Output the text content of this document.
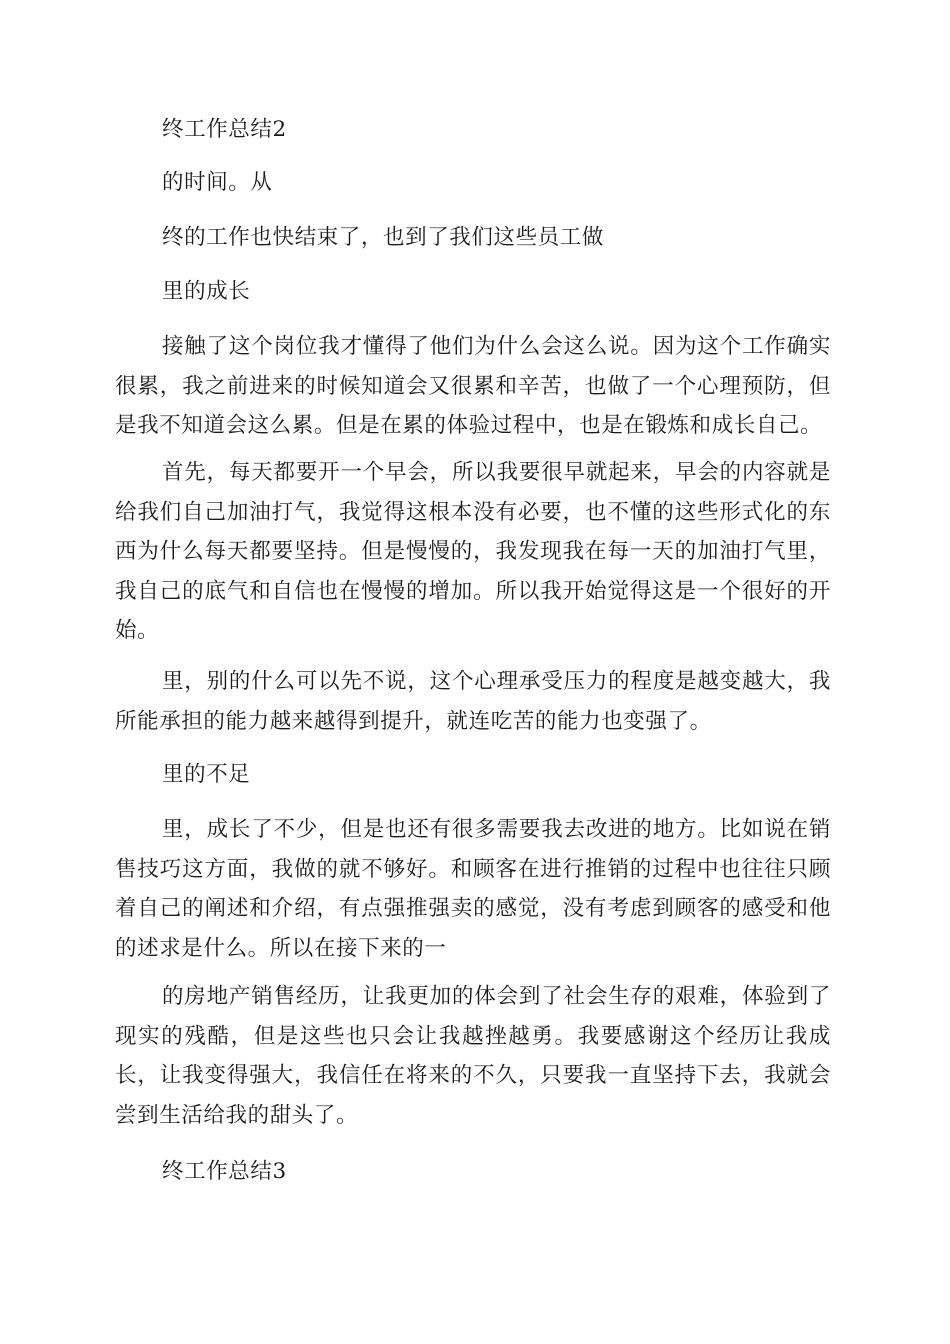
终工作总结2

的时间。从

终的工作也快结束了，也到了我们这些员工做

里的成长

接触了这个岗位我才懂得了他们为什么会这么说。因为这个工作确实很累，我之前进来的时候知道会又很累和辛苦，也做了一个心理预防，但是我不知道会这么累。但是在累的体验过程中，也是在锻炼和成长自己。

首先，每天都要开一个早会，所以我要很早就起来，早会的内容就是给我们自己加油打气，我觉得这根本没有必要，也不懂的这些形式化的东西为什么每天都要坚持。但是慢慢的，我发现我在每一天的加油打气里，我自己的底气和自信也在慢慢的增加。所以我开始觉得这是一个很好的开始。

里，别的什么可以先不说，这个心理承受压力的程度是越变越大，我所能承担的能力越来越得到提升，就连吃苦的能力也变强了。

里的不足

里，成长了不少，但是也还有很多需要我去改进的地方。比如说在销售技巧这方面，我做的就不够好。和顾客在进行推销的过程中也往往只顾着自己的阐述和介绍，有点强推强卖的感觉，没有考虑到顾客的感受和他的述求是什么。所以在接下来的一

的房地产销售经历，让我更加的体会到了社会生存的艰难，体验到了现实的残酷，但是这些也只会让我越挫越勇。我要感谢这个经历让我成长，让我变得强大，我信任在将来的不久，只要我一直坚持下去，我就会尝到生活给我的甜头了。

终工作总结3
